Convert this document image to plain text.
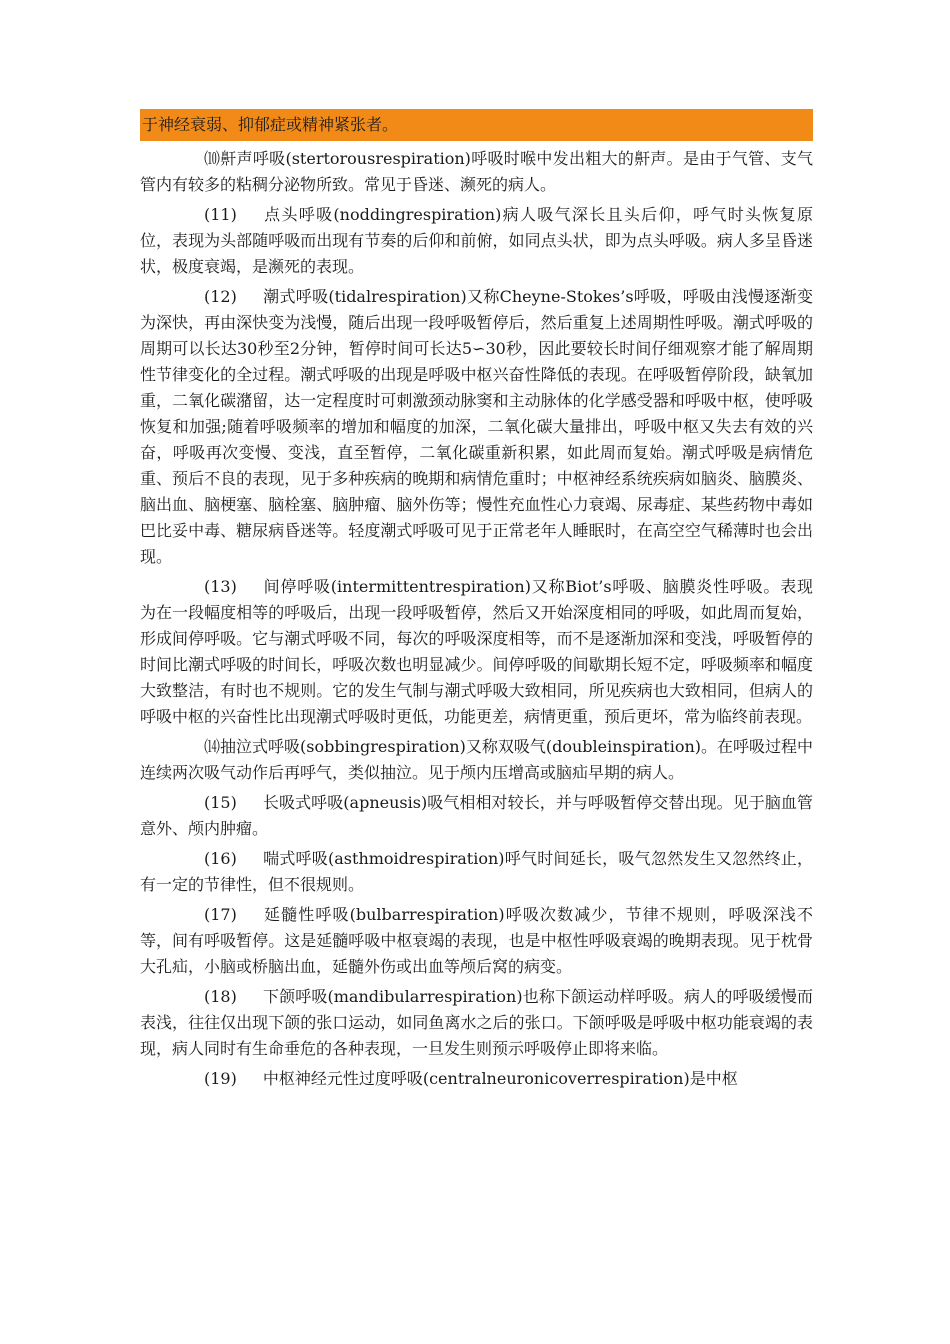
于神经衰弱、抑郁症或精神紧张者。

⑽鼾声呼吸(stertorousrespiration)呼吸时喉中发出粗大的鼾声。是由于气管、支气管内有较多的粘稠分泌物所致。常见于昏迷、濒死的病人。

(11) 点头呼吸(noddingrespiration)病人吸气深长且头后仰，呼气时头恢复原位，表现为头部随呼吸而出现有节奏的后仰和前俯，如同点头状，即为点头呼吸。病人多呈昏迷状，极度衰竭，是濒死的表现。

(12) 潮式呼吸(tidalrespiration)又称Cheyne-Stokes’s呼吸，呼吸由浅慢逐渐变为深快，再由深快变为浅慢，随后出现一段呼吸暂停后，然后重复上述周期性呼吸。潮式呼吸的周期可以长达30秒至2分钟，暂停时间可长达5∽30秒，因此要较长时间仔细观察才能了解周期性节律变化的全过程。潮式呼吸的出现是呼吸中枢兴奋性降低的表现。在呼吸暂停阶段，缺氧加重，二氧化碳潴留，达一定程度时可刺激颈动脉窦和主动脉体的化学感受器和呼吸中枢，使呼吸恢复和加强;随着呼吸频率的增加和幅度的加深，二氧化碳大量排出，呼吸中枢又失去有效的兴奋，呼吸再次变慢、变浅，直至暂停，二氧化碳重新积累，如此周而复始。潮式呼吸是病情危重、预后不良的表现，见于多种疾病的晚期和病情危重时；中枢神经系统疾病如脑炎、脑膜炎、脑出血、脑梗塞、脑栓塞、脑肿瘤、脑外伤等；慢性充血性心力衰竭、尿毒症、某些药物中毒如巴比妥中毒、糖尿病昏迷等。轻度潮式呼吸可见于正常老年人睡眠时，在高空空气稀薄时也会出现。

(13) 间停呼吸(intermittentrespiration)又称Biot’s呼吸、脑膜炎性呼吸。表现为在一段幅度相等的呼吸后，出现一段呼吸暂停，然后又开始深度相同的呼吸，如此周而复始，形成间停呼吸。它与潮式呼吸不同，每次的呼吸深度相等，而不是逐渐加深和变浅，呼吸暂停的时间比潮式呼吸的时间长，呼吸次数也明显减少。间停呼吸的间歇期长短不定，呼吸频率和幅度大致整洁，有时也不规则。它的发生气制与潮式呼吸大致相同，所见疾病也大致相同，但病人的呼吸中枢的兴奋性比出现潮式呼吸时更低，功能更差，病情更重，预后更坏，常为临终前表现。

⒁抽泣式呼吸(sobbingrespiration)又称双吸气(doubleinspiration)。在呼吸过程中连续两次吸气动作后再呼气，类似抽泣。见于颅内压增高或脑疝早期的病人。

(15) 长吸式呼吸(apneusis)吸气相相对较长，并与呼吸暂停交替出现。见于脑血管意外、颅内肿瘤。

(16) 喘式呼吸(asthmoidrespiration)呼气时间延长，吸气忽然发生又忽然终止，有一定的节律性，但不很规则。

(17) 延髓性呼吸(bulbarrespiration)呼吸次数减少，节律不规则，呼吸深浅不等，间有呼吸暂停。这是延髓呼吸中枢衰竭的表现，也是中枢性呼吸衰竭的晚期表现。见于枕骨大孔疝，小脑或桥脑出血，延髓外伤或出血等颅后窝的病变。

(18) 下颌呼吸(mandibularrespiration)也称下颌运动样呼吸。病人的呼吸缓慢而表浅，往往仅出现下颌的张口运动，如同鱼离水之后的张口。下颌呼吸是呼吸中枢功能衰竭的表现，病人同时有生命垂危的各种表现，一旦发生则预示呼吸停止即将来临。

(19) 中枢神经元性过度呼吸(centralneuronicoverrespiration)是中枢
